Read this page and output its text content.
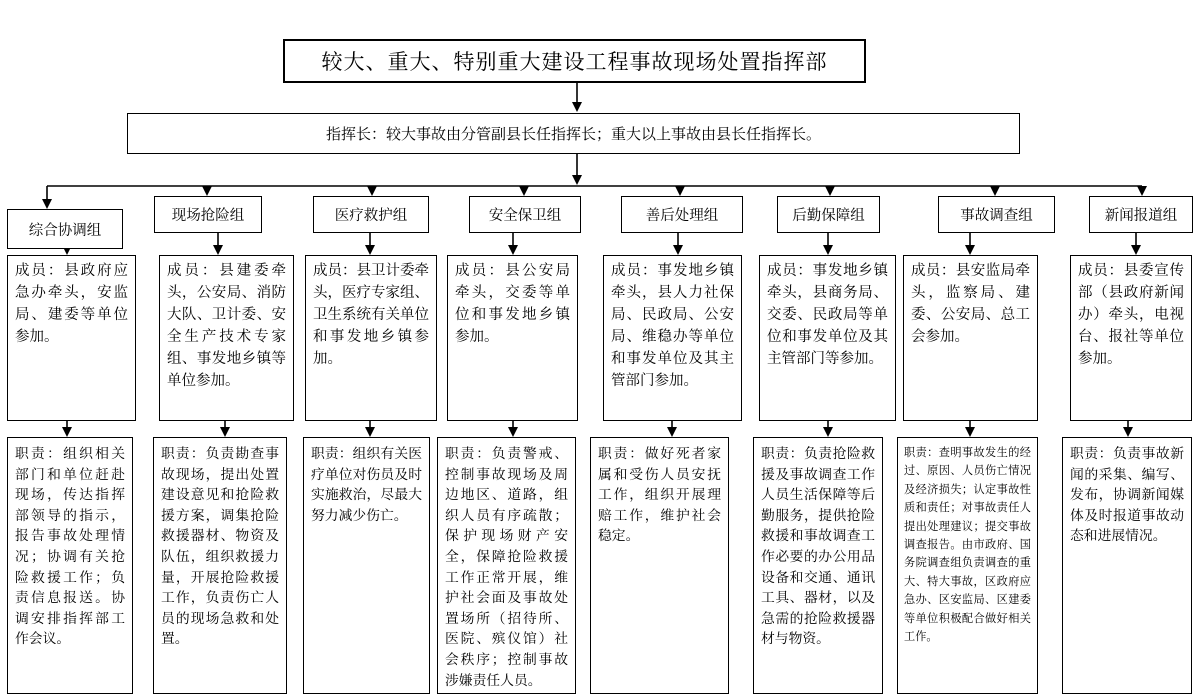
较大、重大、特别重大建设工程事故现场处置指挥部
指挥长：较大事故由分管副县长任指挥长；重大以上事故由县长任指挥长。
综合协调组
现场抢险组	医疗救护组	安全保卫组	善后处理组	后勤保障组	事故调查组	新闻报道组
成员：县政府应急办牵头，安监局、建委等单位参加。
成员：县建委牵头，公安局、消防大队、卫计委、安全生产技术专家组、事发地乡镇等单位参加。
成员：县卫计委牵头，医疗专家组、卫生系统有关单位和事发地乡镇参加。
成员：县公安局牵头，交委等单位和事发地乡镇参加。
成员：事发地乡镇牵头，县人力社保局、民政局、公安局、维稳办等单位和事发单位及其主管部门参加。
成员：事发地乡镇牵头，县商务局、交委、民政局等单位和事发单位及其主管部门等参加。
成员：县安监局牵头，监察局、建委、公安局、总工会参加。
成员：县委宣传部（县政府新闻办）牵头，电视台、报社等单位参加。
职责：组织相关部门和单位赶赴现场，传达指挥部领导的指示，报告事故处理情况；协调有关抢险救援工作；负责信息报送。协调安排指挥部工作会议。
职责：负责勘查事故现场，提出处置建设意见和抢险救援方案，调集抢险救援器材、物资及队伍，组织救援力量，开展抢险救援工作，负责伤亡人员的现场急救和处置。
职责：组织有关医疗单位对伤员及时实施救治，尽最大努力减少伤亡。
职责：负责警戒、控制事故现场及周边地区、道路，组织人员有序疏散；保护现场财产安全，保障抢险救援工作正常开展，维护社会面及事故处置场所（招待所、医院、殡仪馆）社会秩序；控制事故涉嫌责任人员。
职责：做好死者家属和受伤人员安抚工作，组织开展理赔工作，维护社会稳定。
职责：负责抢险救援及事故调查工作人员生活保障等后勤服务，提供抢险救援和事故调查工作必要的办公用品设备和交通、通讯工具、器材，以及急需的抢险救援器材与物资。
职责：查明事故发生的经过、原因、人员伤亡情况及经济损失；认定事故性质和责任；对事故责任人提出处理建议；提交事故调查报告。由市政府、国务院调查组负责调查的重大、特大事故，区政府应急办、区安监局、区建委等单位积极配合做好相关工作。
职责：负责事故新闻的采集、编写、发布，协调新闻媒体及时报道事故动态和进展情况。
